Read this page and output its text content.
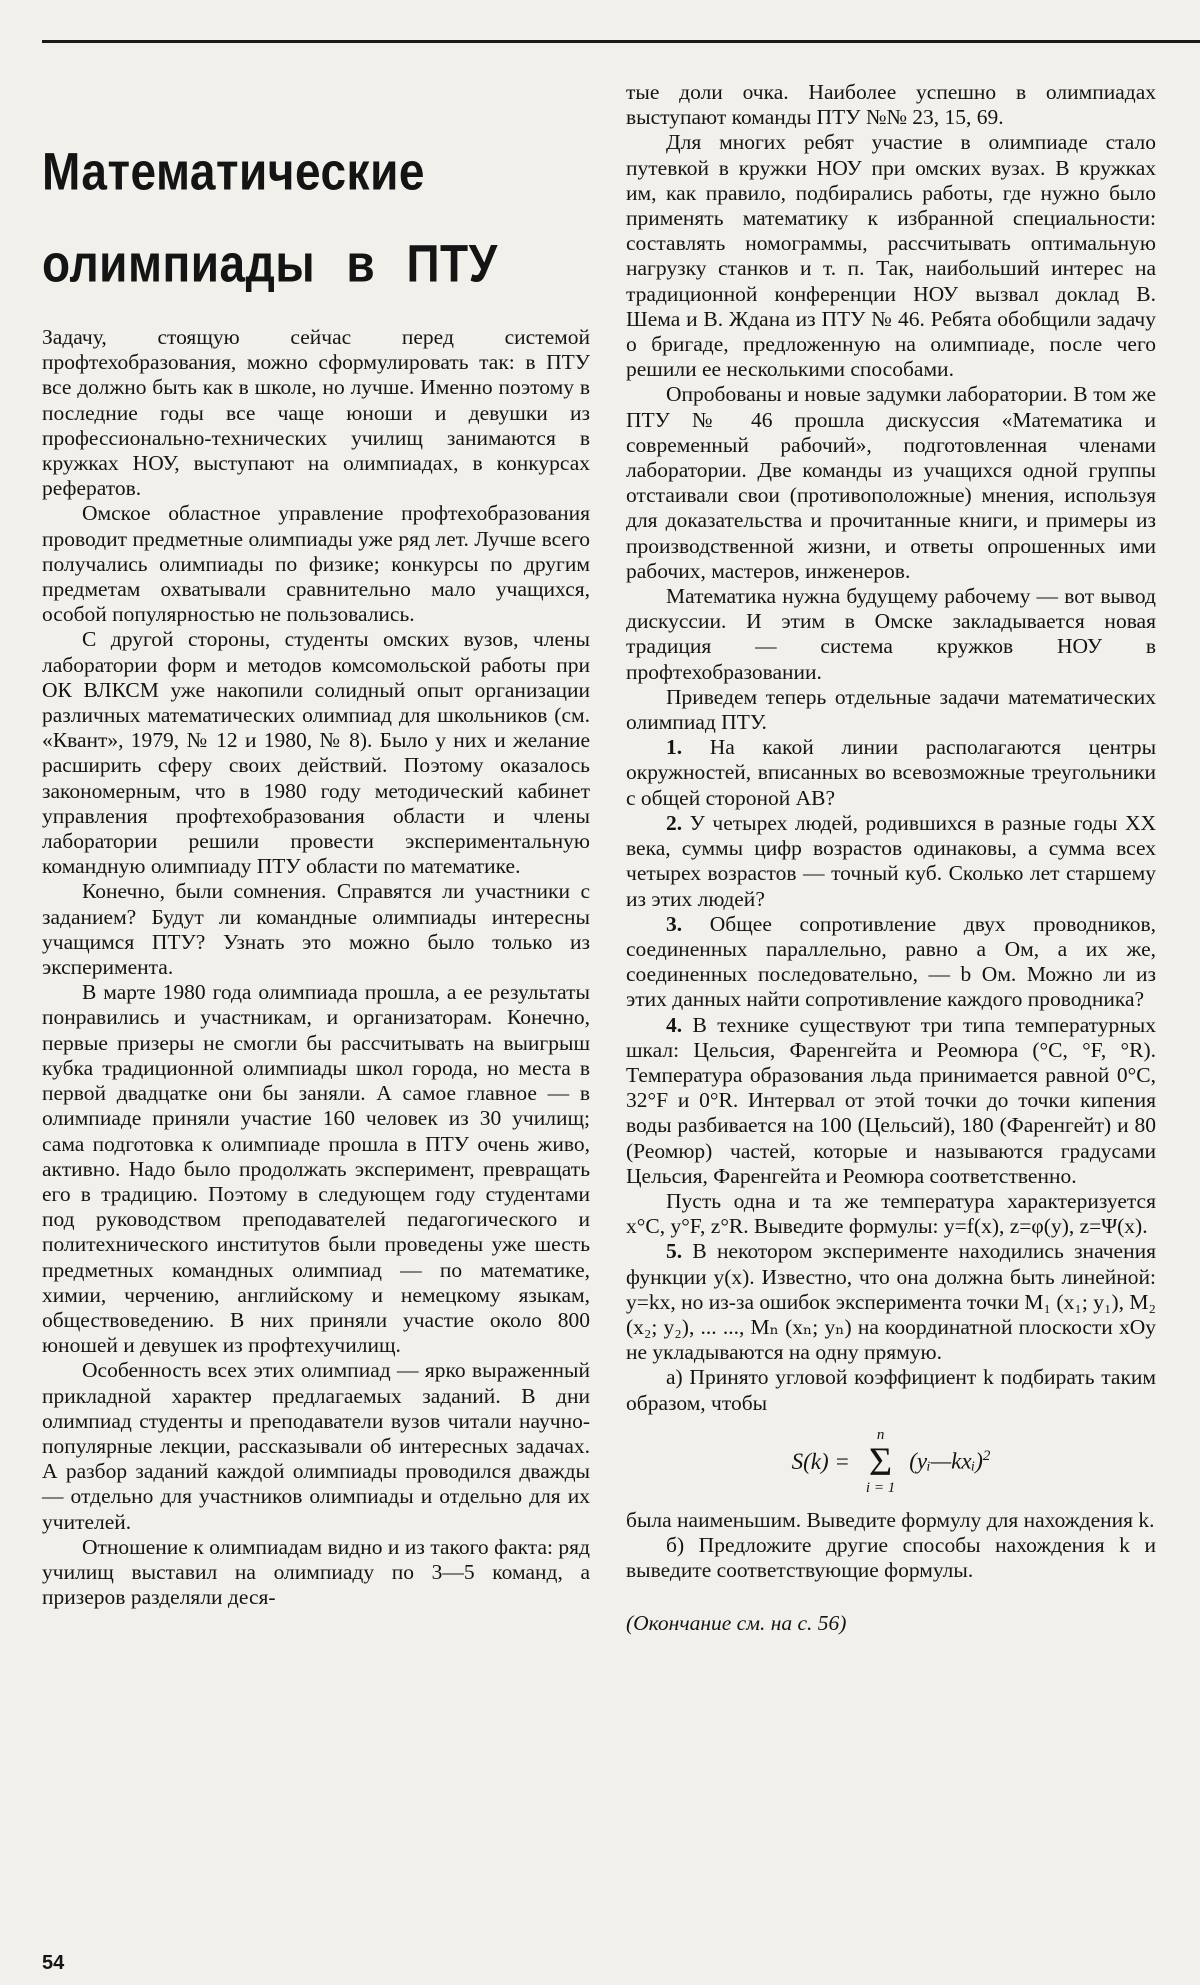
Математические
олимпиады в ПТУ

Задачу, стоящую сейчас перед системой профтехобразования, можно сформулировать так: в ПТУ все должно быть как в школе, но лучше. Именно поэтому в последние годы все чаще юноши и девушки из профессионально-технических училищ занимаются в кружках НОУ, выступают на олимпиадах, в конкурсах рефератов.

Омское областное управление профтехобразования проводит предметные олимпиады уже ряд лет. Лучше всего получались олимпиады по физике; конкурсы по другим предметам охватывали сравнительно мало учащихся, особой популярностью не пользовались.

С другой стороны, студенты омских вузов, члены лаборатории форм и методов комсомольской работы при ОК ВЛКСМ уже накопили солидный опыт организации различных математических олимпиад для школьников (см. «Квант», 1979, № 12 и 1980, № 8). Было у них и желание расширить сферу своих действий. Поэтому оказалось закономерным, что в 1980 году методический кабинет управления профтехобразования области и члены лаборатории решили провести экспериментальную командную олимпиаду ПТУ области по математике.

Конечно, были сомнения. Справятся ли участники с заданием? Будут ли командные олимпиады интересны учащимся ПТУ? Узнать это можно было только из эксперимента.

В марте 1980 года олимпиада прошла, а ее результаты понравились и участникам, и организаторам. Конечно, первые призеры не смогли бы рассчитывать на выигрыш кубка традиционной олимпиады школ города, но места в первой двадцатке они бы заняли. А самое главное — в олимпиаде приняли участие 160 человек из 30 училищ; сама подготовка к олимпиаде прошла в ПТУ очень живо, активно. Надо было продолжать эксперимент, превращать его в традицию. Поэтому в следующем году студентами под руководством преподавателей педагогического и политехнического институтов были проведены уже шесть предметных командных олимпиад — по математике, химии, черчению, английскому и немецкому языкам, обществоведению. В них приняли участие около 800 юношей и девушек из профтехучилищ.

Особенность всех этих олимпиад — ярко выраженный прикладной характер предлагаемых заданий. В дни олимпиад студенты и преподаватели вузов читали научно-популярные лекции, рассказывали об интересных задачах. А разбор заданий каждой олимпиады проводился дважды — отдельно для участников олимпиады и отдельно для их учителей.

Отношение к олимпиадам видно и из такого факта: ряд училищ выставил на олимпиаду по 3—5 команд, а призеров разделяли деся-

тые доли очка. Наиболее успешно в олимпиадах выступают команды ПТУ №№ 23, 15, 69.

Для многих ребят участие в олимпиаде стало путевкой в кружки НОУ при омских вузах. В кружках им, как правило, подбирались работы, где нужно было применять математику к избранной специальности: составлять номограммы, рассчитывать оптимальную нагрузку станков и т. п. Так, наибольший интерес на традиционной конференции НОУ вызвал доклад В. Шема и В. Ждана из ПТУ № 46. Ребята обобщили задачу о бригаде, предложенную на олимпиаде, после чего решили ее несколькими способами.

Опробованы и новые задумки лаборатории. В том же ПТУ № 46 прошла дискуссия «Математика и современный рабочий», подготовленная членами лаборатории. Две команды из учащихся одной группы отстаивали свои (противоположные) мнения, используя для доказательства и прочитанные книги, и примеры из производственной жизни, и ответы опрошенных ими рабочих, мастеров, инженеров.

Математика нужна будущему рабочему — вот вывод дискуссии. И этим в Омске закладывается новая традиция — система кружков НОУ в профтехобразовании.

Приведем теперь отдельные задачи математических олимпиад ПТУ.

1. На какой линии располагаются центры окружностей, вписанных во всевозможные треугольники с общей стороной AB?

2. У четырех людей, родившихся в разные годы XX века, суммы цифр возрастов одинаковы, а сумма всех четырех возрастов — точный куб. Сколько лет старшему из этих людей?

3. Общее сопротивление двух проводников, соединенных параллельно, равно a Ом, а их же, соединенных последовательно, — b Ом. Можно ли из этих данных найти сопротивление каждого проводника?

4. В технике существуют три типа температурных шкал: Цельсия, Фаренгейта и Реомюра (°С, °F, °R). Температура образования льда принимается равной 0°С, 32°F и 0°R. Интервал от этой точки до точки кипения воды разбивается на 100 (Цельсий), 180 (Фаренгейт) и 80 (Реомюр) частей, которые и называются градусами Цельсия, Фаренгейта и Реомюра соответственно.

Пусть одна и та же температура характеризуется x°C, y°F, z°R. Выведите формулы: y=f(x), z=φ(y), z=Ψ(x).

5. В некотором эксперименте находились значения функции y(x). Известно, что она должна быть линейной: y=kx, но из-за ошибок эксперимента точки M₁ (x₁; y₁), M₂ (x₂; y₂), ... ..., Mₙ (xₙ; yₙ) на координатной плоскости xOy не укладываются на одну прямую.

а) Принято угловой коэффициент k подбирать таким образом, чтобы

S(k) =
n
Σ
i = 1
(yᵢ—kxᵢ)$^2$

была наименьшим. Выведите формулу для нахождения k.

б) Предложите другие способы нахождения k и выведите соответствующие формулы.

(Окончание см. на с. 56)

54
